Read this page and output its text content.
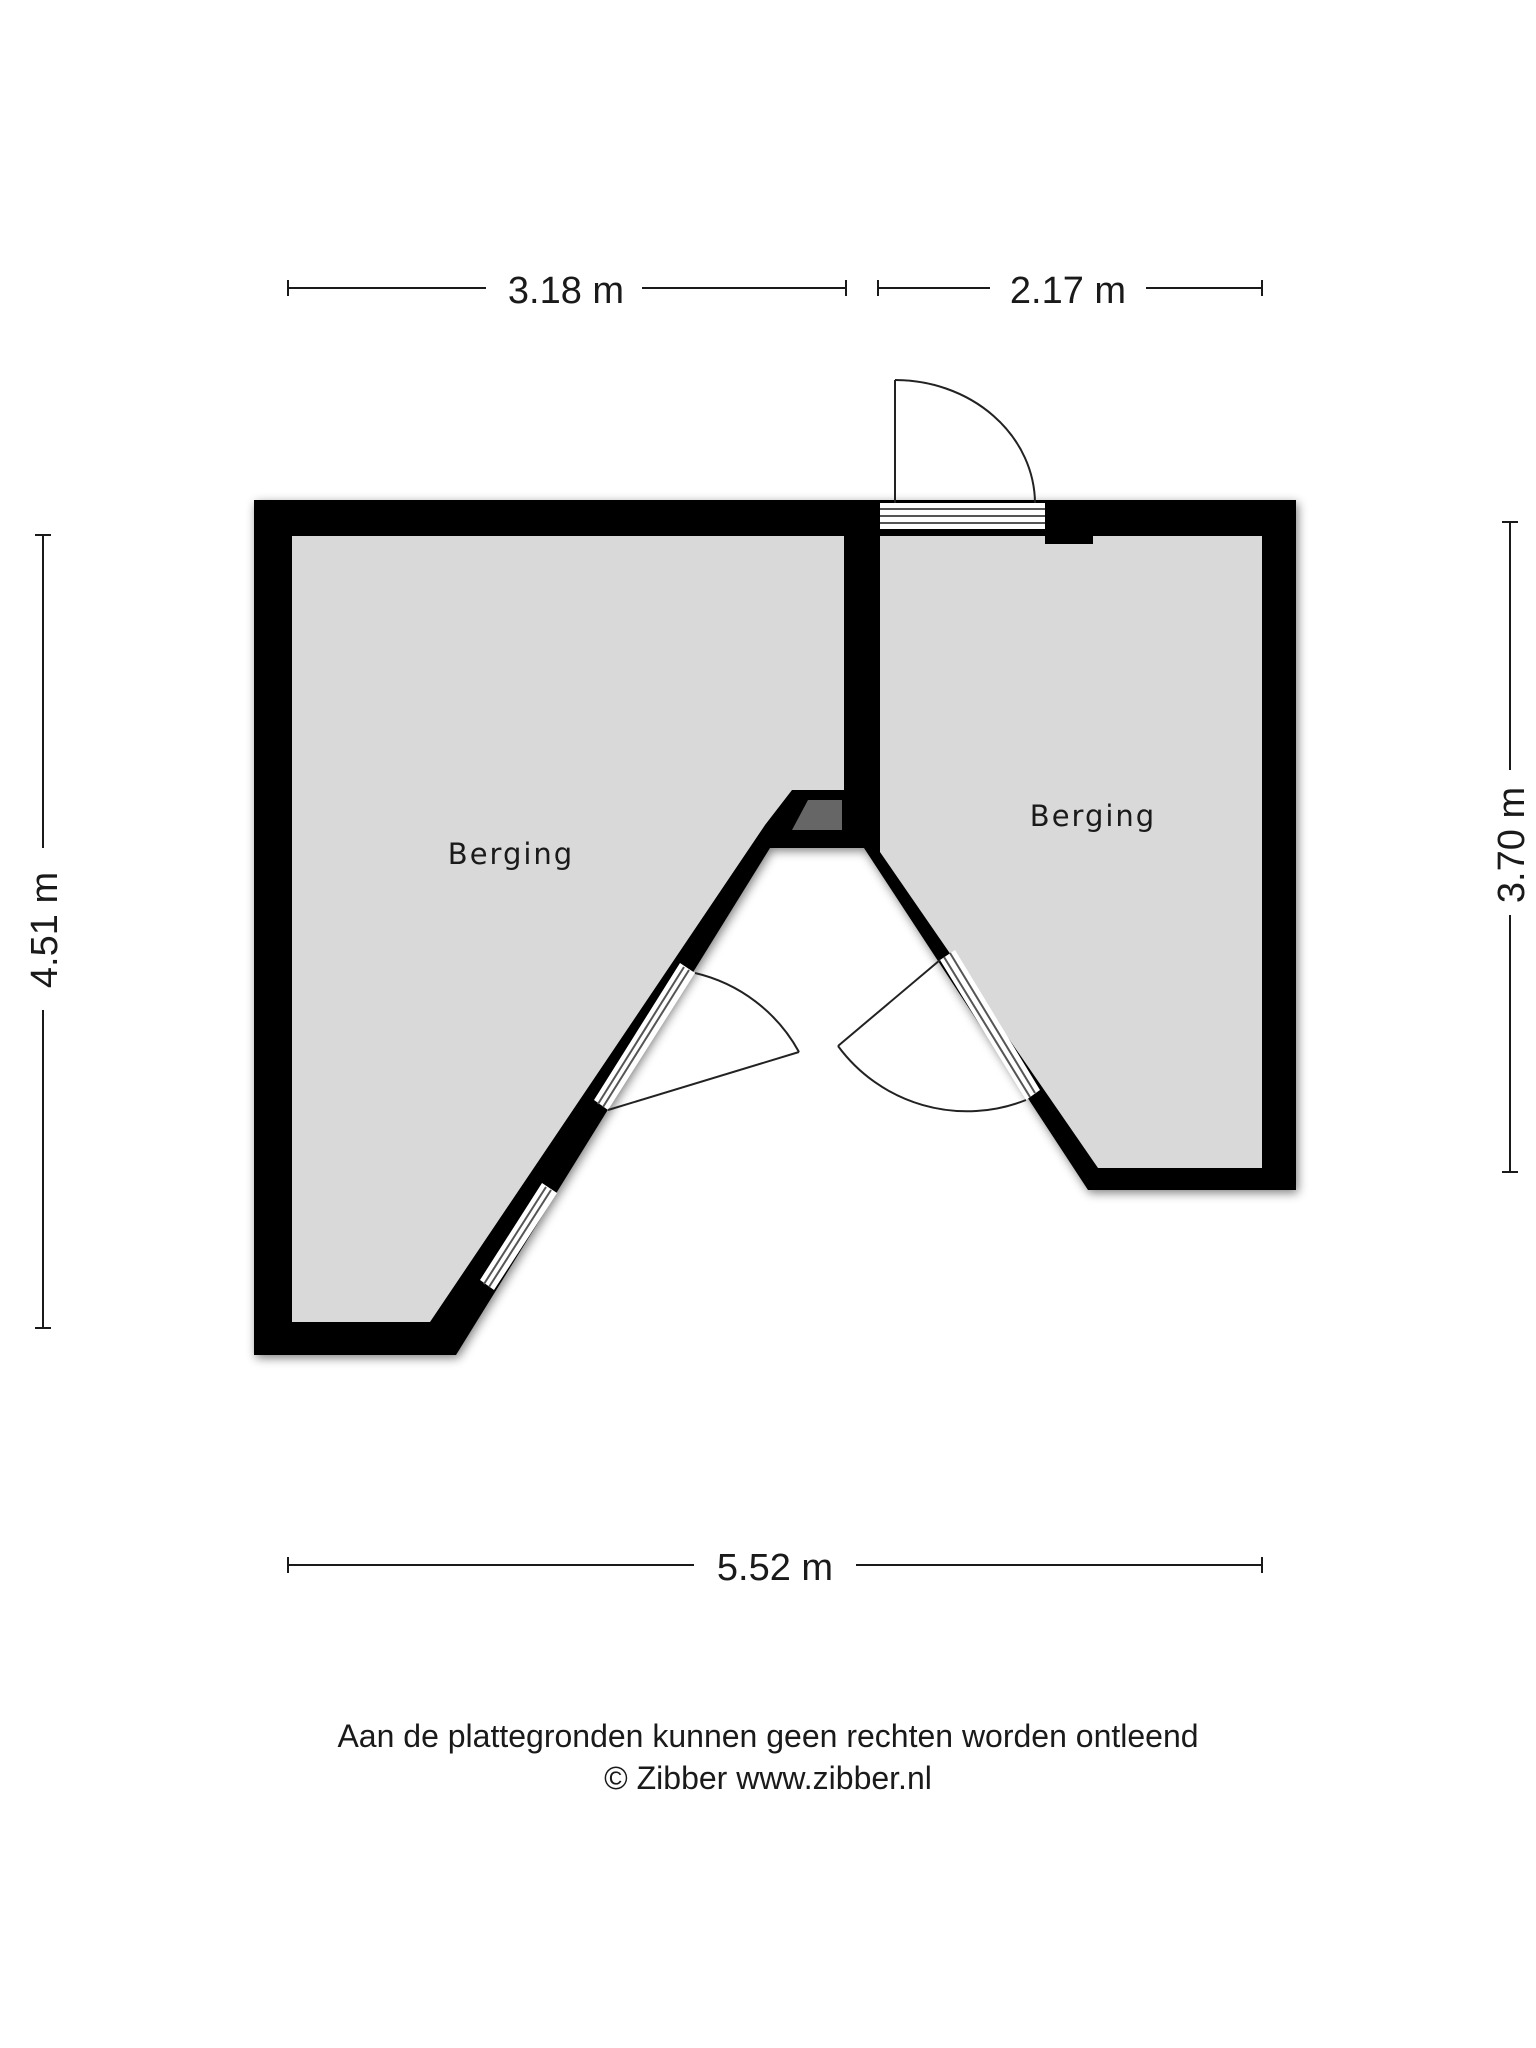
3.18 m	2.17 m
4.51 m
3.70 m
5.52 m
Berging
Berging
Aan de plattegronden kunnen geen rechten worden ontleend
© Zibber www.zibber.nl
